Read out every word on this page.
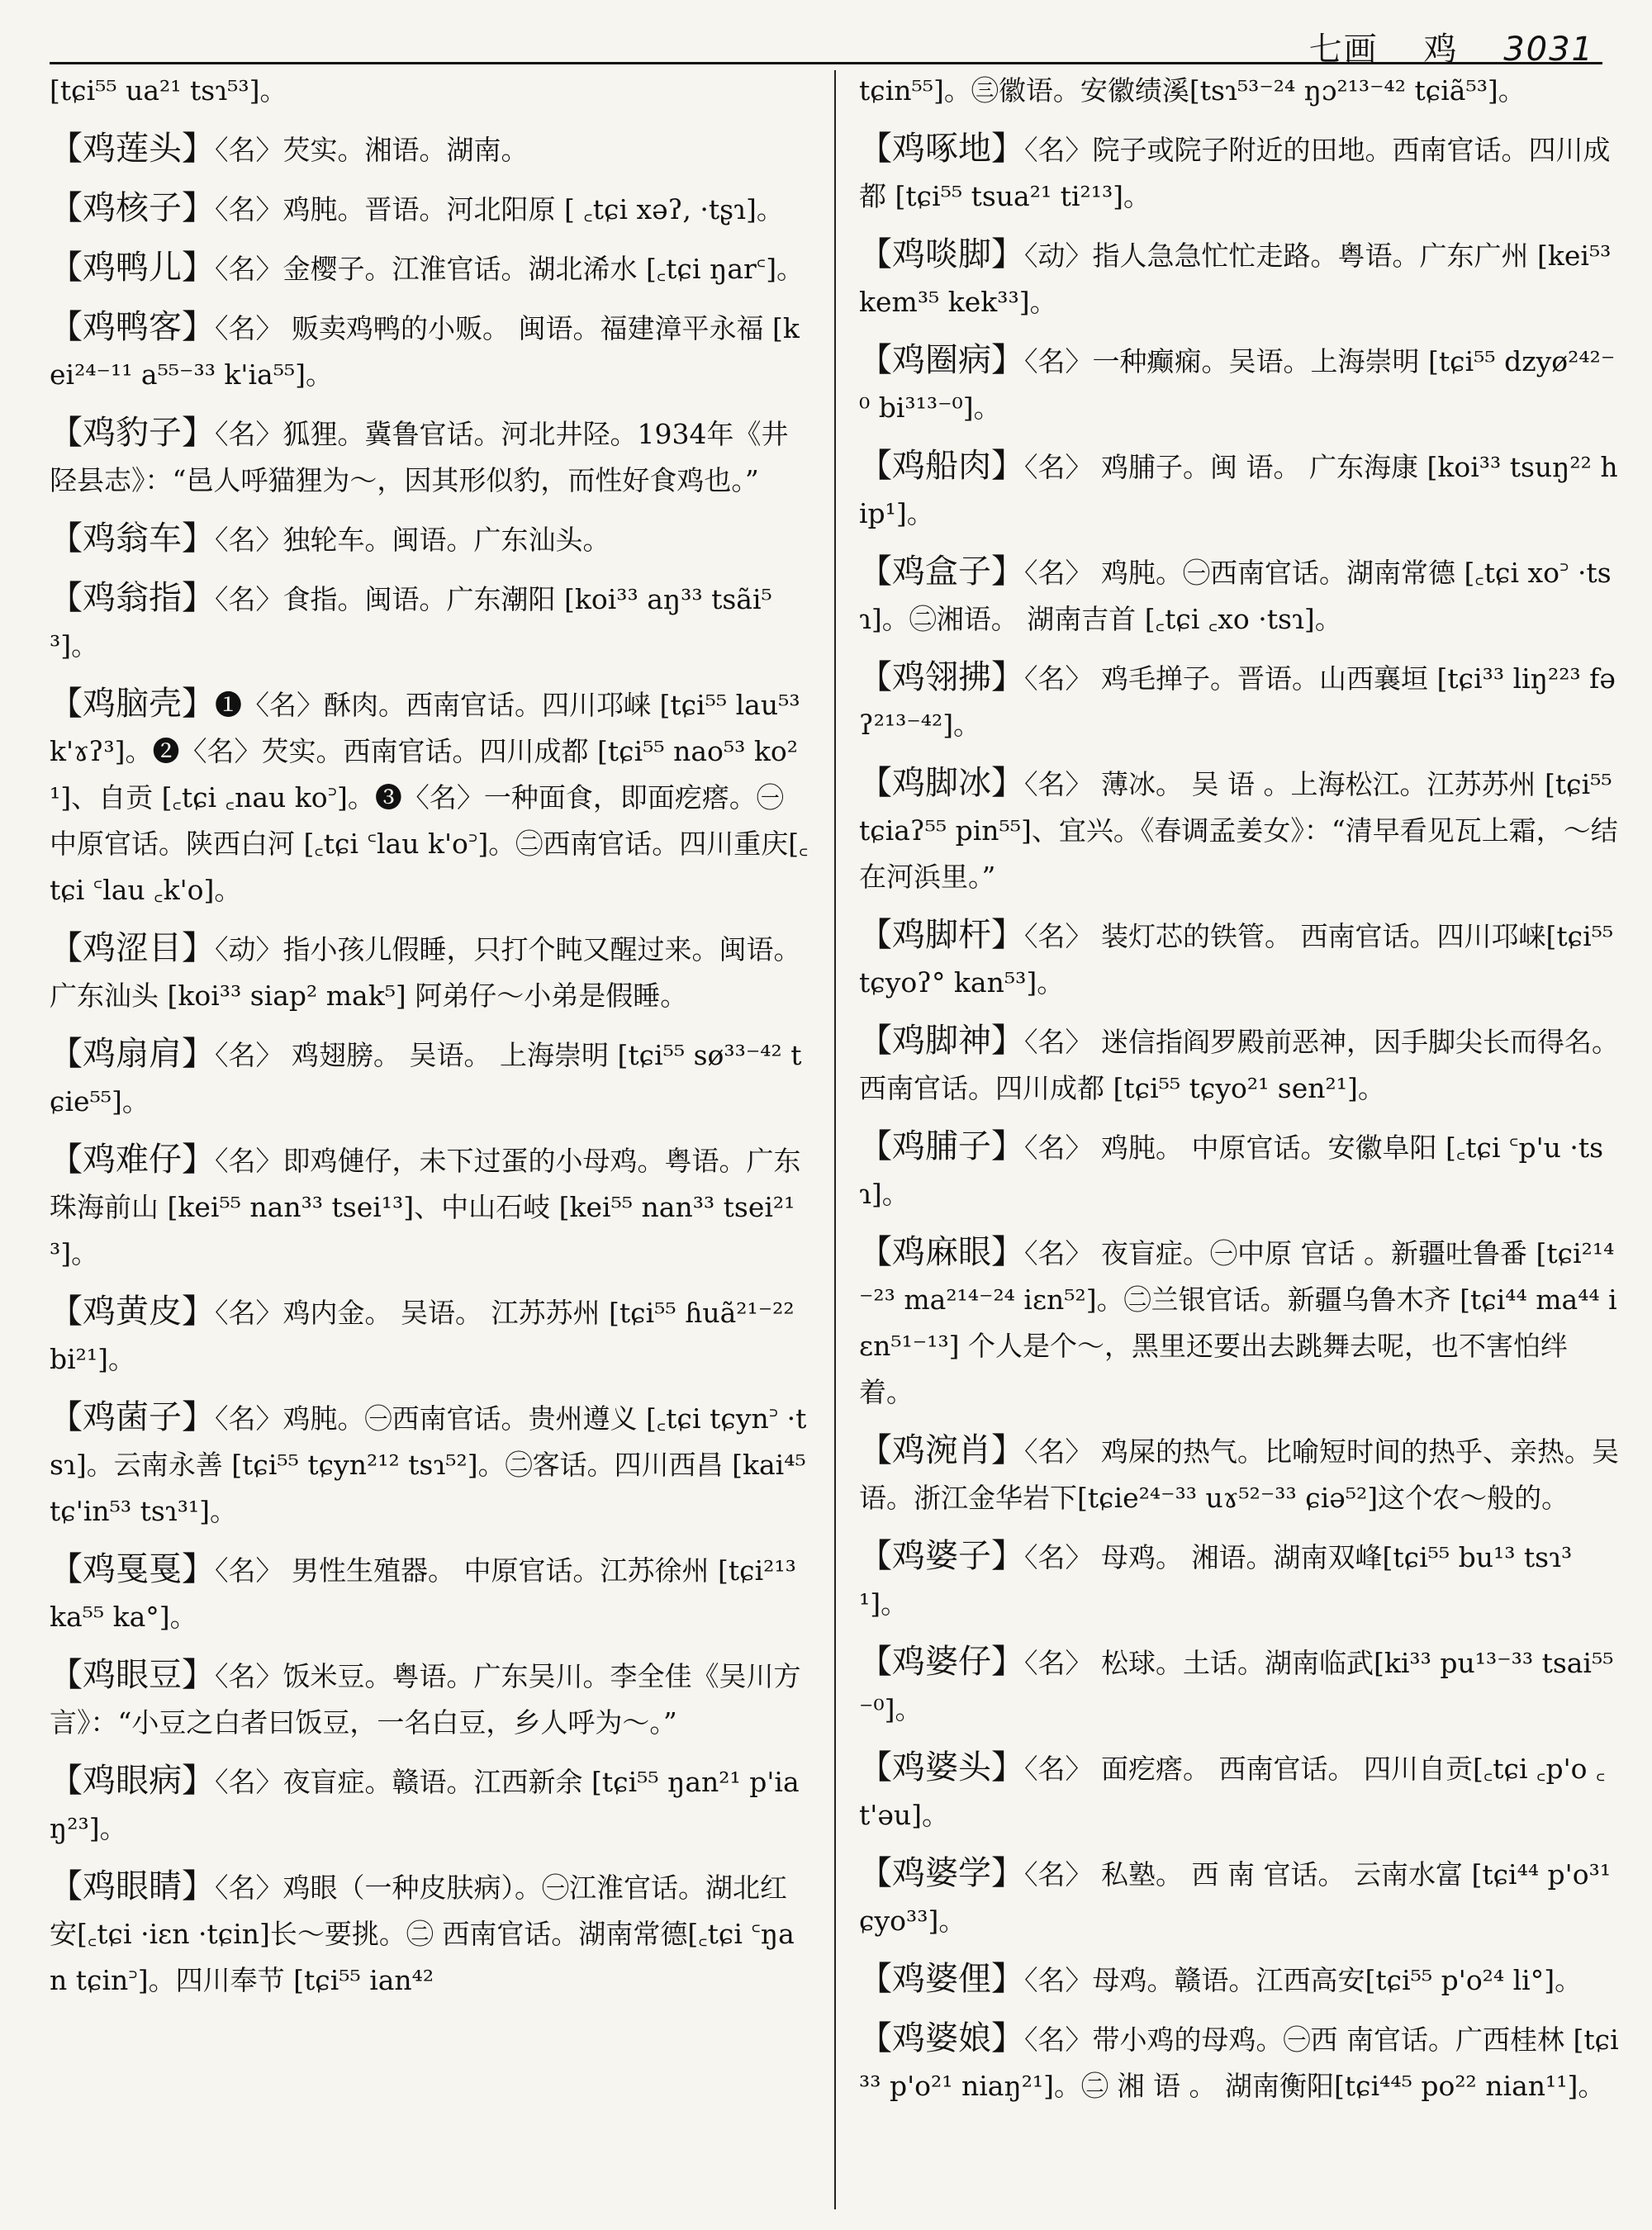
七画 鸡 3031
[tɕi⁵⁵ ua²¹ tsɿ⁵³]。
【鸡莲头】〈名〉芡实。湘语。湖南。
【鸡核子】〈名〉鸡肫。晋语。河北阳原 [ ꜀tɕi xəʔ, ·tʂɿ]。
【鸡鸭儿】〈名〉金樱子。江淮官话。湖北浠水 [꜀tɕi ŋar꜂]。
【鸡鸭客】〈名〉 贩卖鸡鸭的小贩。 闽语。福建漳平永福 [kei²⁴⁻¹¹ a⁵⁵⁻³³ k'ia⁵⁵]。
【鸡豹子】〈名〉狐狸。冀鲁官话。河北井陉。1934年《井陉县志》：“邑人呼猫狸为～，因其形似豹，而性好食鸡也。”
【鸡翁车】〈名〉独轮车。闽语。广东汕头。
【鸡翁指】〈名〉食指。闽语。广东潮阳 [koi³³ aŋ³³ tsãi⁵³]。
【鸡脑壳】❶〈名〉酥肉。西南官话。四川邛崃 [tɕi⁵⁵ lau⁵³ k'ɤʔ³]。❷〈名〉芡实。西南官话。四川成都 [tɕi⁵⁵ nao⁵³ ko²¹]、自贡 [꜀tɕi ꜀nau ko꜄]。❸〈名〉一种面食，即面疙瘩。㊀中原官话。陕西白河 [꜀tɕi ꜂lau k'o꜄]。㊁西南官话。四川重庆[꜀tɕi ꜂lau ꜀k'o]。
【鸡涩目】〈动〉指小孩儿假睡，只打个盹又醒过来。闽语。广东汕头 [koi³³ siap² mak⁵] 阿弟仔～小弟是假睡。
【鸡扇肩】〈名〉 鸡翅膀。 吴语。 上海崇明 [tɕi⁵⁵ sø³³⁻⁴² tɕie⁵⁵]。
【鸡难仔】〈名〉即鸡僆仔，未下过蛋的小母鸡。粤语。广东珠海前山 [kei⁵⁵ nan³³ tsei¹³]、中山石岐 [kei⁵⁵ nan³³ tsei²¹³]。
【鸡黄皮】〈名〉鸡内金。 吴语。 江苏苏州 [tɕi⁵⁵ ɦuã²¹⁻²² bi²¹]。
【鸡菌子】〈名〉鸡肫。㊀西南官话。贵州遵义 [꜀tɕi tɕyn꜄ ·tsɿ]。云南永善 [tɕi⁵⁵ tɕyn²¹² tsɿ⁵²]。㊁客话。四川西昌 [kai⁴⁵ tɕ'in⁵³ tsɿ³¹]。
【鸡戛戛】〈名〉 男性生殖器。 中原官话。江苏徐州 [tɕi²¹³ ka⁵⁵ ka°]。
【鸡眼豆】〈名〉饭米豆。粤语。广东吴川。李全佳《吴川方言》：“小豆之白者曰饭豆，一名白豆，乡人呼为～。”
【鸡眼病】〈名〉夜盲症。赣语。江西新余 [tɕi⁵⁵ ŋan²¹ p'iaŋ²³]。
【鸡眼睛】〈名〉鸡眼（一种皮肤病）。㊀江淮官话。湖北红安[꜀tɕi ·iɛn ·tɕin]长～要挑。㊁ 西南官话。湖南常德[꜀tɕi ꜂ŋan tɕin꜄]。四川奉节 [tɕi⁵⁵ ian⁴²
tɕin⁵⁵]。㊂徽语。安徽绩溪[tsɿ⁵³⁻²⁴ ŋɔ²¹³⁻⁴² tɕiã⁵³]。
【鸡啄地】〈名〉院子或院子附近的田地。西南官话。四川成都 [tɕi⁵⁵ tsua²¹ ti²¹³]。
【鸡啖脚】〈动〉指人急急忙忙走路。粤语。广东广州 [kei⁵³ kem³⁵ kek³³]。
【鸡圈病】〈名〉一种癫痫。吴语。上海崇明 [tɕi⁵⁵ dzyø²⁴²⁻⁰ bi³¹³⁻⁰]。
【鸡船肉】〈名〉 鸡脯子。闽 语。 广东海康 [koi³³ tsuŋ²² hip¹]。
【鸡盒子】〈名〉 鸡肫。㊀西南官话。湖南常德 [꜀tɕi xo꜄ ·tsɿ]。㊁湘语。 湖南吉首 [꜀tɕi ꜀xo ·tsɿ]。
【鸡翎拂】〈名〉 鸡毛掸子。晋语。山西襄垣 [tɕi³³ liŋ²²³ fəʔ²¹³⁻⁴²]。
【鸡脚冰】〈名〉 薄冰。 吴 语 。上海松江。江苏苏州 [tɕi⁵⁵ tɕiaʔ⁵⁵ pin⁵⁵]、宜兴。《春调孟姜女》：“清早看见瓦上霜，～结在河浜里。”
【鸡脚杆】〈名〉 装灯芯的铁管。 西南官话。四川邛崃[tɕi⁵⁵ tɕyoʔ° kan⁵³]。
【鸡脚神】〈名〉 迷信指阎罗殿前恶神，因手脚尖长而得名。西南官话。四川成都 [tɕi⁵⁵ tɕyo²¹ sen²¹]。
【鸡脯子】〈名〉 鸡肫。 中原官话。安徽阜阳 [꜀tɕi ꜂p'u ·tsɿ]。
【鸡麻眼】〈名〉 夜盲症。㊀中原 官话 。新疆吐鲁番 [tɕi²¹⁴⁻²³ ma²¹⁴⁻²⁴ iɛn⁵²]。㊁兰银官话。新疆乌鲁木齐 [tɕi⁴⁴ ma⁴⁴ iɛn⁵¹⁻¹³] 个人是个～，黑里还要出去跳舞去呢，也不害怕绊着。
【鸡涴肖】〈名〉 鸡屎的热气。比喻短时间的热乎、亲热。吴语。浙江金华岩下[tɕie²⁴⁻³³ uɤ⁵²⁻³³ ɕiə⁵²]这个农～般的。
【鸡婆子】〈名〉 母鸡。 湘语。湖南双峰[tɕi⁵⁵ bu¹³ tsɿ³¹]。
【鸡婆仔】〈名〉 松球。土话。湖南临武[ki³³ pu¹³⁻³³ tsai⁵⁵⁻⁰]。
【鸡婆头】〈名〉 面疙瘩。 西南官话。 四川自贡[꜀tɕi ꜀p'o ꜀t'əu]。
【鸡婆学】〈名〉 私塾。 西 南 官话。 云南水富 [tɕi⁴⁴ p'o³¹ ɕyo³³]。
【鸡婆俚】〈名〉母鸡。赣语。江西高安[tɕi⁵⁵ p'o²⁴ li°]。
【鸡婆娘】〈名〉带小鸡的母鸡。㊀西 南官话。广西桂林 [tɕi³³ p'o²¹ niaŋ²¹]。㊁ 湘 语 。 湖南衡阳[tɕi⁴⁴⁵ po²² nian¹¹]。
